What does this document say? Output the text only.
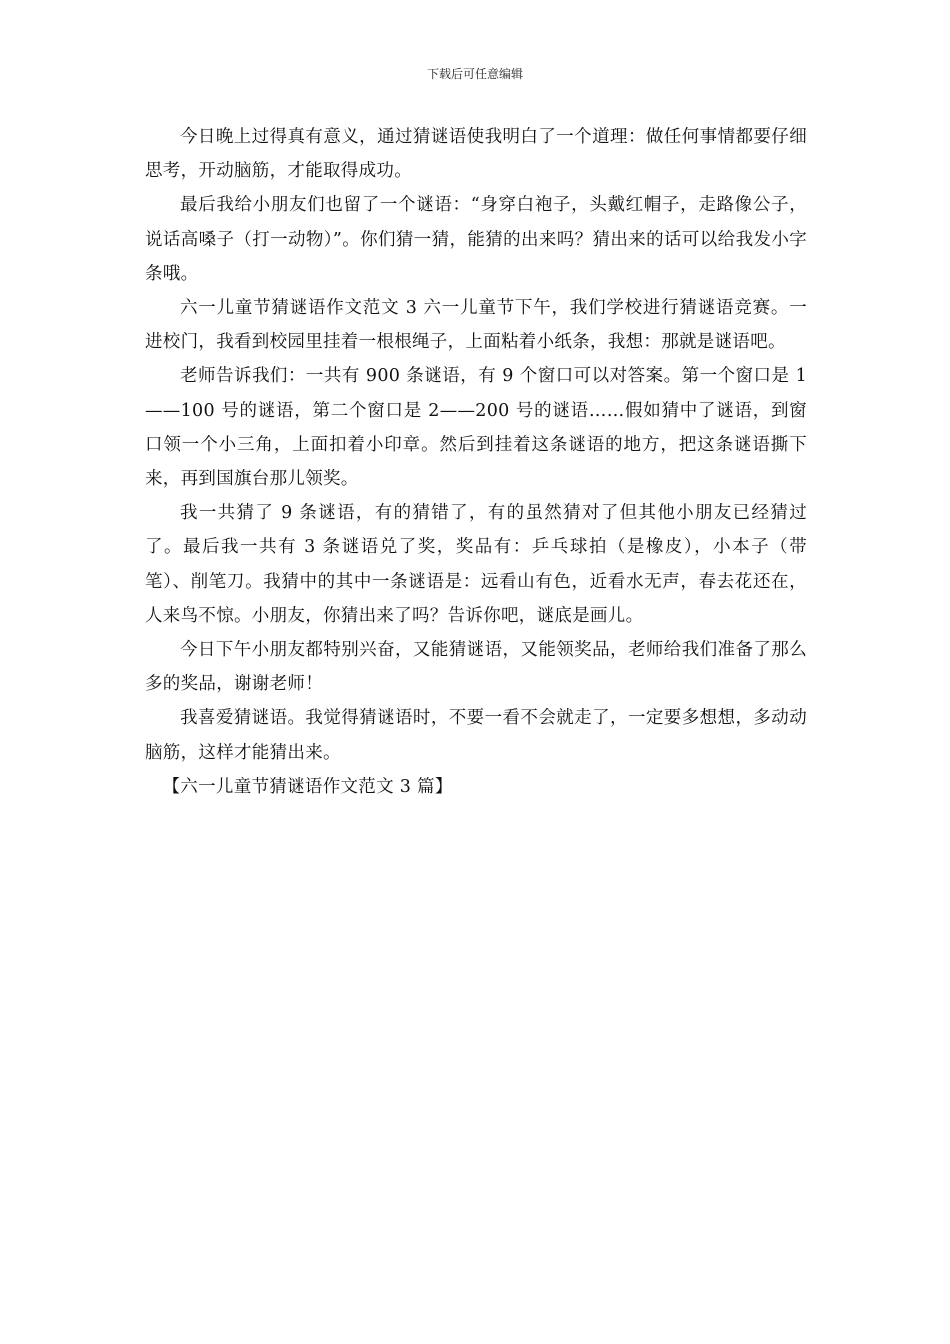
下载后可任意编辑

今日晚上过得真有意义，通过猜谜语使我明白了一个道理：做任何事情都要仔细思考，开动脑筋，才能取得成功。

最后我给小朋友们也留了一个谜语：“身穿白袍子，头戴红帽子，走路像公子，说话高嗓子（打一动物）”。你们猜一猜，能猜的出来吗？猜出来的话可以给我发小字条哦。

六一儿童节猜谜语作文范文 3 六一儿童节下午，我们学校进行猜谜语竞赛。一进校门，我看到校园里挂着一根根绳子，上面粘着小纸条，我想：那就是谜语吧。

老师告诉我们：一共有 900 条谜语，有 9 个窗口可以对答案。第一个窗口是 1——100 号的谜语，第二个窗口是 2——200 号的谜语……假如猜中了谜语，到窗口领一个小三角，上面扣着小印章。然后到挂着这条谜语的地方，把这条谜语撕下来，再到国旗台那儿领奖。

我一共猜了 9 条谜语，有的猜错了，有的虽然猜对了但其他小朋友已经猜过了。最后我一共有 3 条谜语兑了奖，奖品有：乒乓球拍（是橡皮），小本子（带笔）、削笔刀。我猜中的其中一条谜语是：远看山有色，近看水无声，春去花还在，人来鸟不惊。小朋友，你猜出来了吗？告诉你吧，谜底是画儿。

今日下午小朋友都特别兴奋，又能猜谜语，又能领奖品，老师给我们准备了那么多的奖品，谢谢老师！

我喜爱猜谜语。我觉得猜谜语时，不要一看不会就走了，一定要多想想，多动动脑筋，这样才能猜出来。

【六一儿童节猜谜语作文范文 3 篇】
